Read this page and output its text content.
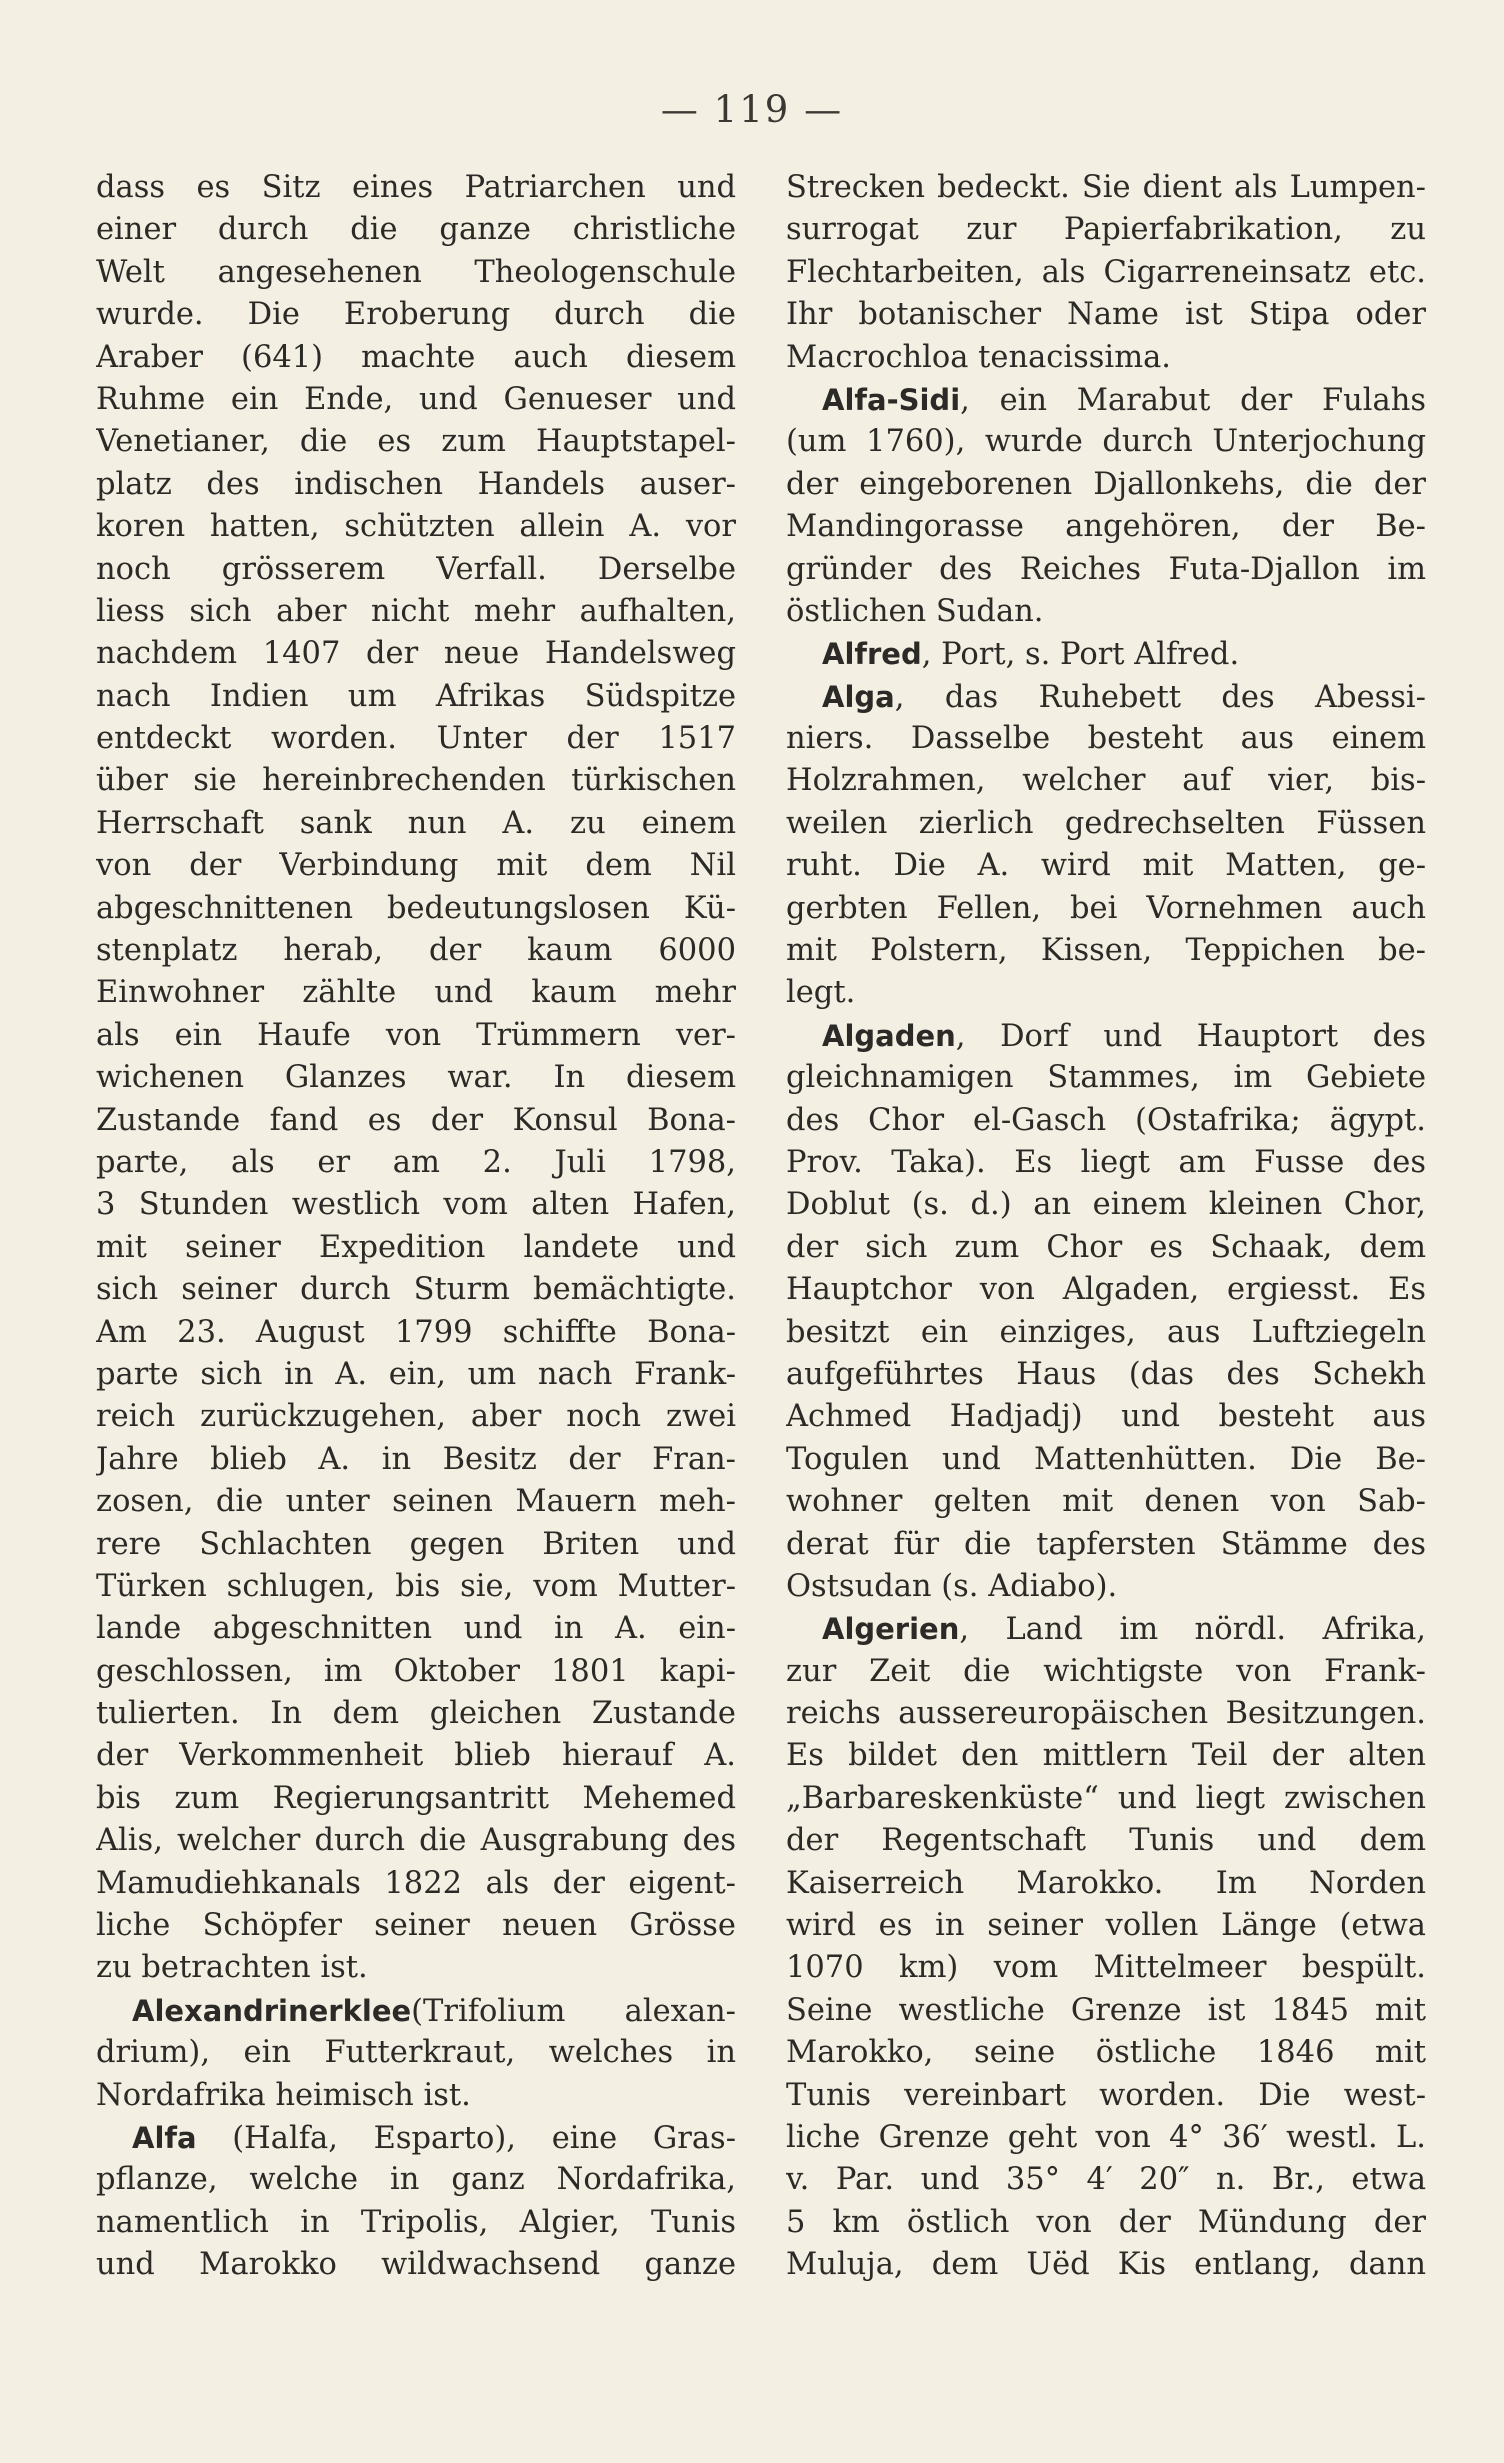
— 119 —
dass es Sitz eines Patriarchen und
einer durch die ganze christliche
Welt angesehenen Theologenschule
wurde. Die Eroberung durch die
Araber (641) machte auch diesem
Ruhme ein Ende, und Genueser und
Venetianer, die es zum Hauptstapel-
platz des indischen Handels auser-
koren hatten, schützten allein A. vor
noch grösserem Verfall. Derselbe
liess sich aber nicht mehr aufhalten,
nachdem 1407 der neue Handelsweg
nach Indien um Afrikas Südspitze
entdeckt worden. Unter der 1517
über sie hereinbrechenden türkischen
Herrschaft sank nun A. zu einem
von der Verbindung mit dem Nil
abgeschnittenen bedeutungslosen Kü-
stenplatz herab, der kaum 6000
Einwohner zählte und kaum mehr
als ein Haufe von Trümmern ver-
wichenen Glanzes war. In diesem
Zustande fand es der Konsul Bona-
parte, als er am 2. Juli 1798,
3 Stunden westlich vom alten Hafen,
mit seiner Expedition landete und
sich seiner durch Sturm bemächtigte.
Am 23. August 1799 schiffte Bona-
parte sich in A. ein, um nach Frank-
reich zurückzugehen, aber noch zwei
Jahre blieb A. in Besitz der Fran-
zosen, die unter seinen Mauern meh-
rere Schlachten gegen Briten und
Türken schlugen, bis sie, vom Mutter-
lande abgeschnitten und in A. ein-
geschlossen, im Oktober 1801 kapi-
tulierten. In dem gleichen Zustande
der Verkommenheit blieb hierauf A.
bis zum Regierungsantritt Mehemed
Alis, welcher durch die Ausgrabung des
Mamudiehkanals 1822 als der eigent-
liche Schöpfer seiner neuen Grösse
zu betrachten ist.
Alexandrinerklee(Trifolium alexan-
drium), ein Futterkraut, welches in
Nordafrika heimisch ist.
Alfa (Halfa, Esparto), eine Gras-
pflanze, welche in ganz Nordafrika,
namentlich in Tripolis, Algier, Tunis
und Marokko wildwachsend ganze
Strecken bedeckt. Sie dient als Lumpen-
surrogat zur Papierfabrikation, zu
Flechtarbeiten, als Cigarreneinsatz etc.
Ihr botanischer Name ist Stipa oder
Macrochloa tenacissima.
Alfa-Sidi, ein Marabut der Fulahs
(um 1760), wurde durch Unterjochung
der eingeborenen Djallonkehs, die der
Mandingorasse angehören, der Be-
gründer des Reiches Futa-Djallon im
östlichen Sudan.
Alfred, Port, s. Port Alfred.
Alga, das Ruhebett des Abessi-
niers. Dasselbe besteht aus einem
Holzrahmen, welcher auf vier, bis-
weilen zierlich gedrechselten Füssen
ruht. Die A. wird mit Matten, ge-
gerbten Fellen, bei Vornehmen auch
mit Polstern, Kissen, Teppichen be-
legt.
Algaden, Dorf und Hauptort des
gleichnamigen Stammes, im Gebiete
des Chor el-Gasch (Ostafrika; ägypt.
Prov. Taka). Es liegt am Fusse des
Doblut (s. d.) an einem kleinen Chor,
der sich zum Chor es Schaak, dem
Hauptchor von Algaden, ergiesst. Es
besitzt ein einziges, aus Luftziegeln
aufgeführtes Haus (das des Schekh
Achmed Hadjadj) und besteht aus
Togulen und Mattenhütten. Die Be-
wohner gelten mit denen von Sab-
derat für die tapfersten Stämme des
Ostsudan (s. Adiabo).
Algerien, Land im nördl. Afrika,
zur Zeit die wichtigste von Frank-
reichs aussereuropäischen Besitzungen.
Es bildet den mittlern Teil der alten
„Barbareskenküste“ und liegt zwischen
der Regentschaft Tunis und dem
Kaiserreich Marokko. Im Norden
wird es in seiner vollen Länge (etwa
1070 km) vom Mittelmeer bespült.
Seine westliche Grenze ist 1845 mit
Marokko, seine östliche 1846 mit
Tunis vereinbart worden. Die west-
liche Grenze geht von 4° 36′ westl. L.
v. Par. und 35° 4′ 20″ n. Br., etwa
5 km östlich von der Mündung der
Muluja, dem Uëd Kis entlang, dann
